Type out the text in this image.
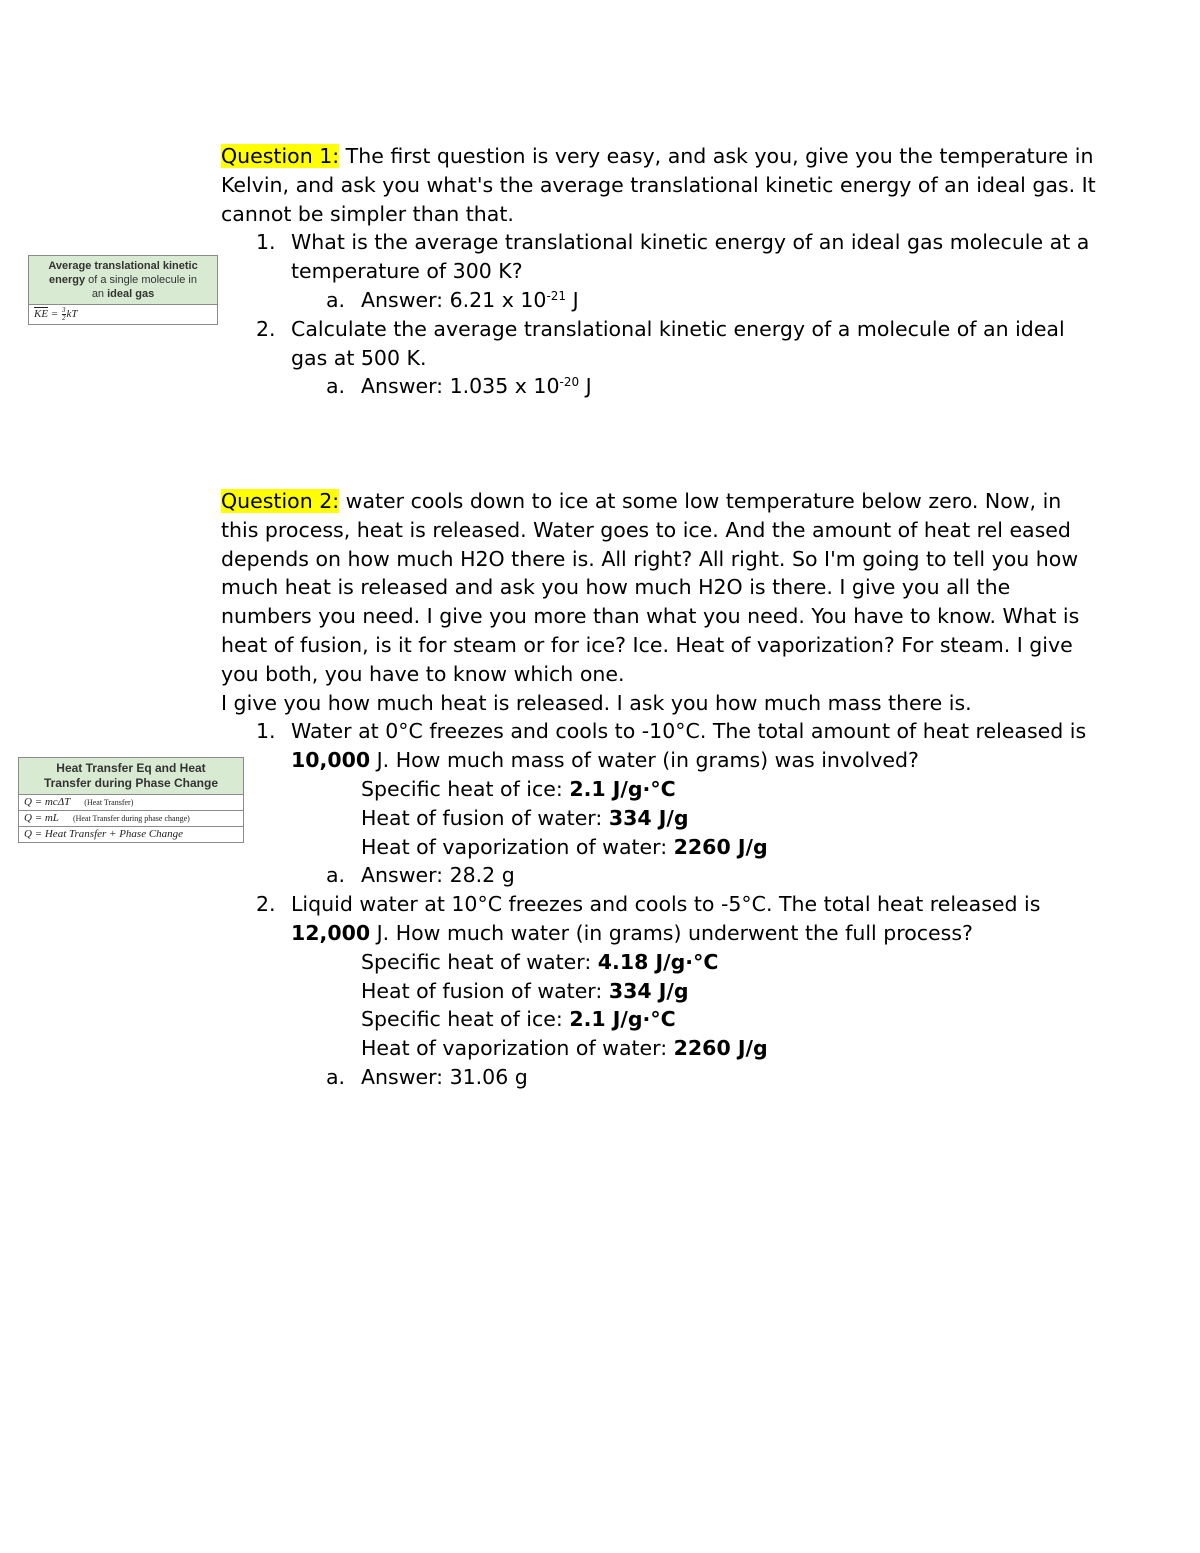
Average translational kinetic
energy of a single molecule in
an ideal gas
$\overline{KE} = \frac{3}{2}$ kT
Heat Transfer Eq and Heat
Transfer during Phase Change
Q = mcΔT (Heat Transfer)
Q = mL (Heat Transfer during phase change)
Q = Heat Transfer + Phase Change
Question 1: The first question is very easy, and ask you, give you the temperature in
Kelvin, and ask you what's the average translational kinetic energy of an ideal gas. It
cannot be simpler than that.
1. What is the average translational kinetic energy of an ideal gas molecule at a
temperature of 300 K?
a. Answer: 6.21 x $10^{-21}$ J
2. Calculate the average translational kinetic energy of a molecule of an ideal
gas at 500 K.
a. Answer: 1.035 x $10^{-20}$ J
Question 2: water cools down to ice at some low temperature below zero. Now, in
this process, heat is released. Water goes to ice. And the amount of heat rel eased
depends on how much H2O there is. All right? All right. So I'm going to tell you how
much heat is released and ask you how much H2O is there. I give you all the
numbers you need. I give you more than what you need. You have to know. What is
heat of fusion, is it for steam or for ice? Ice. Heat of vaporization? For steam. I give
you both, you have to know which one.
I give you how much heat is released. I ask you how much mass there is.
1. Water at 0°C freezes and cools to -10°C. The total amount of heat released is
10,000 J. How much mass of water (in grams) was involved?
Specific heat of ice: 2.1 J/g·°C
Heat of fusion of water: 334 J/g
Heat of vaporization of water: 2260 J/g
a. Answer: 28.2 g
2. Liquid water at 10°C freezes and cools to -5°C. The total heat released is
12,000 J. How much water (in grams) underwent the full process?
Specific heat of water: 4.18 J/g·°C
Heat of fusion of water: 334 J/g
Specific heat of ice: 2.1 J/g·°C
Heat of vaporization of water: 2260 J/g
a. Answer: 31.06 g
